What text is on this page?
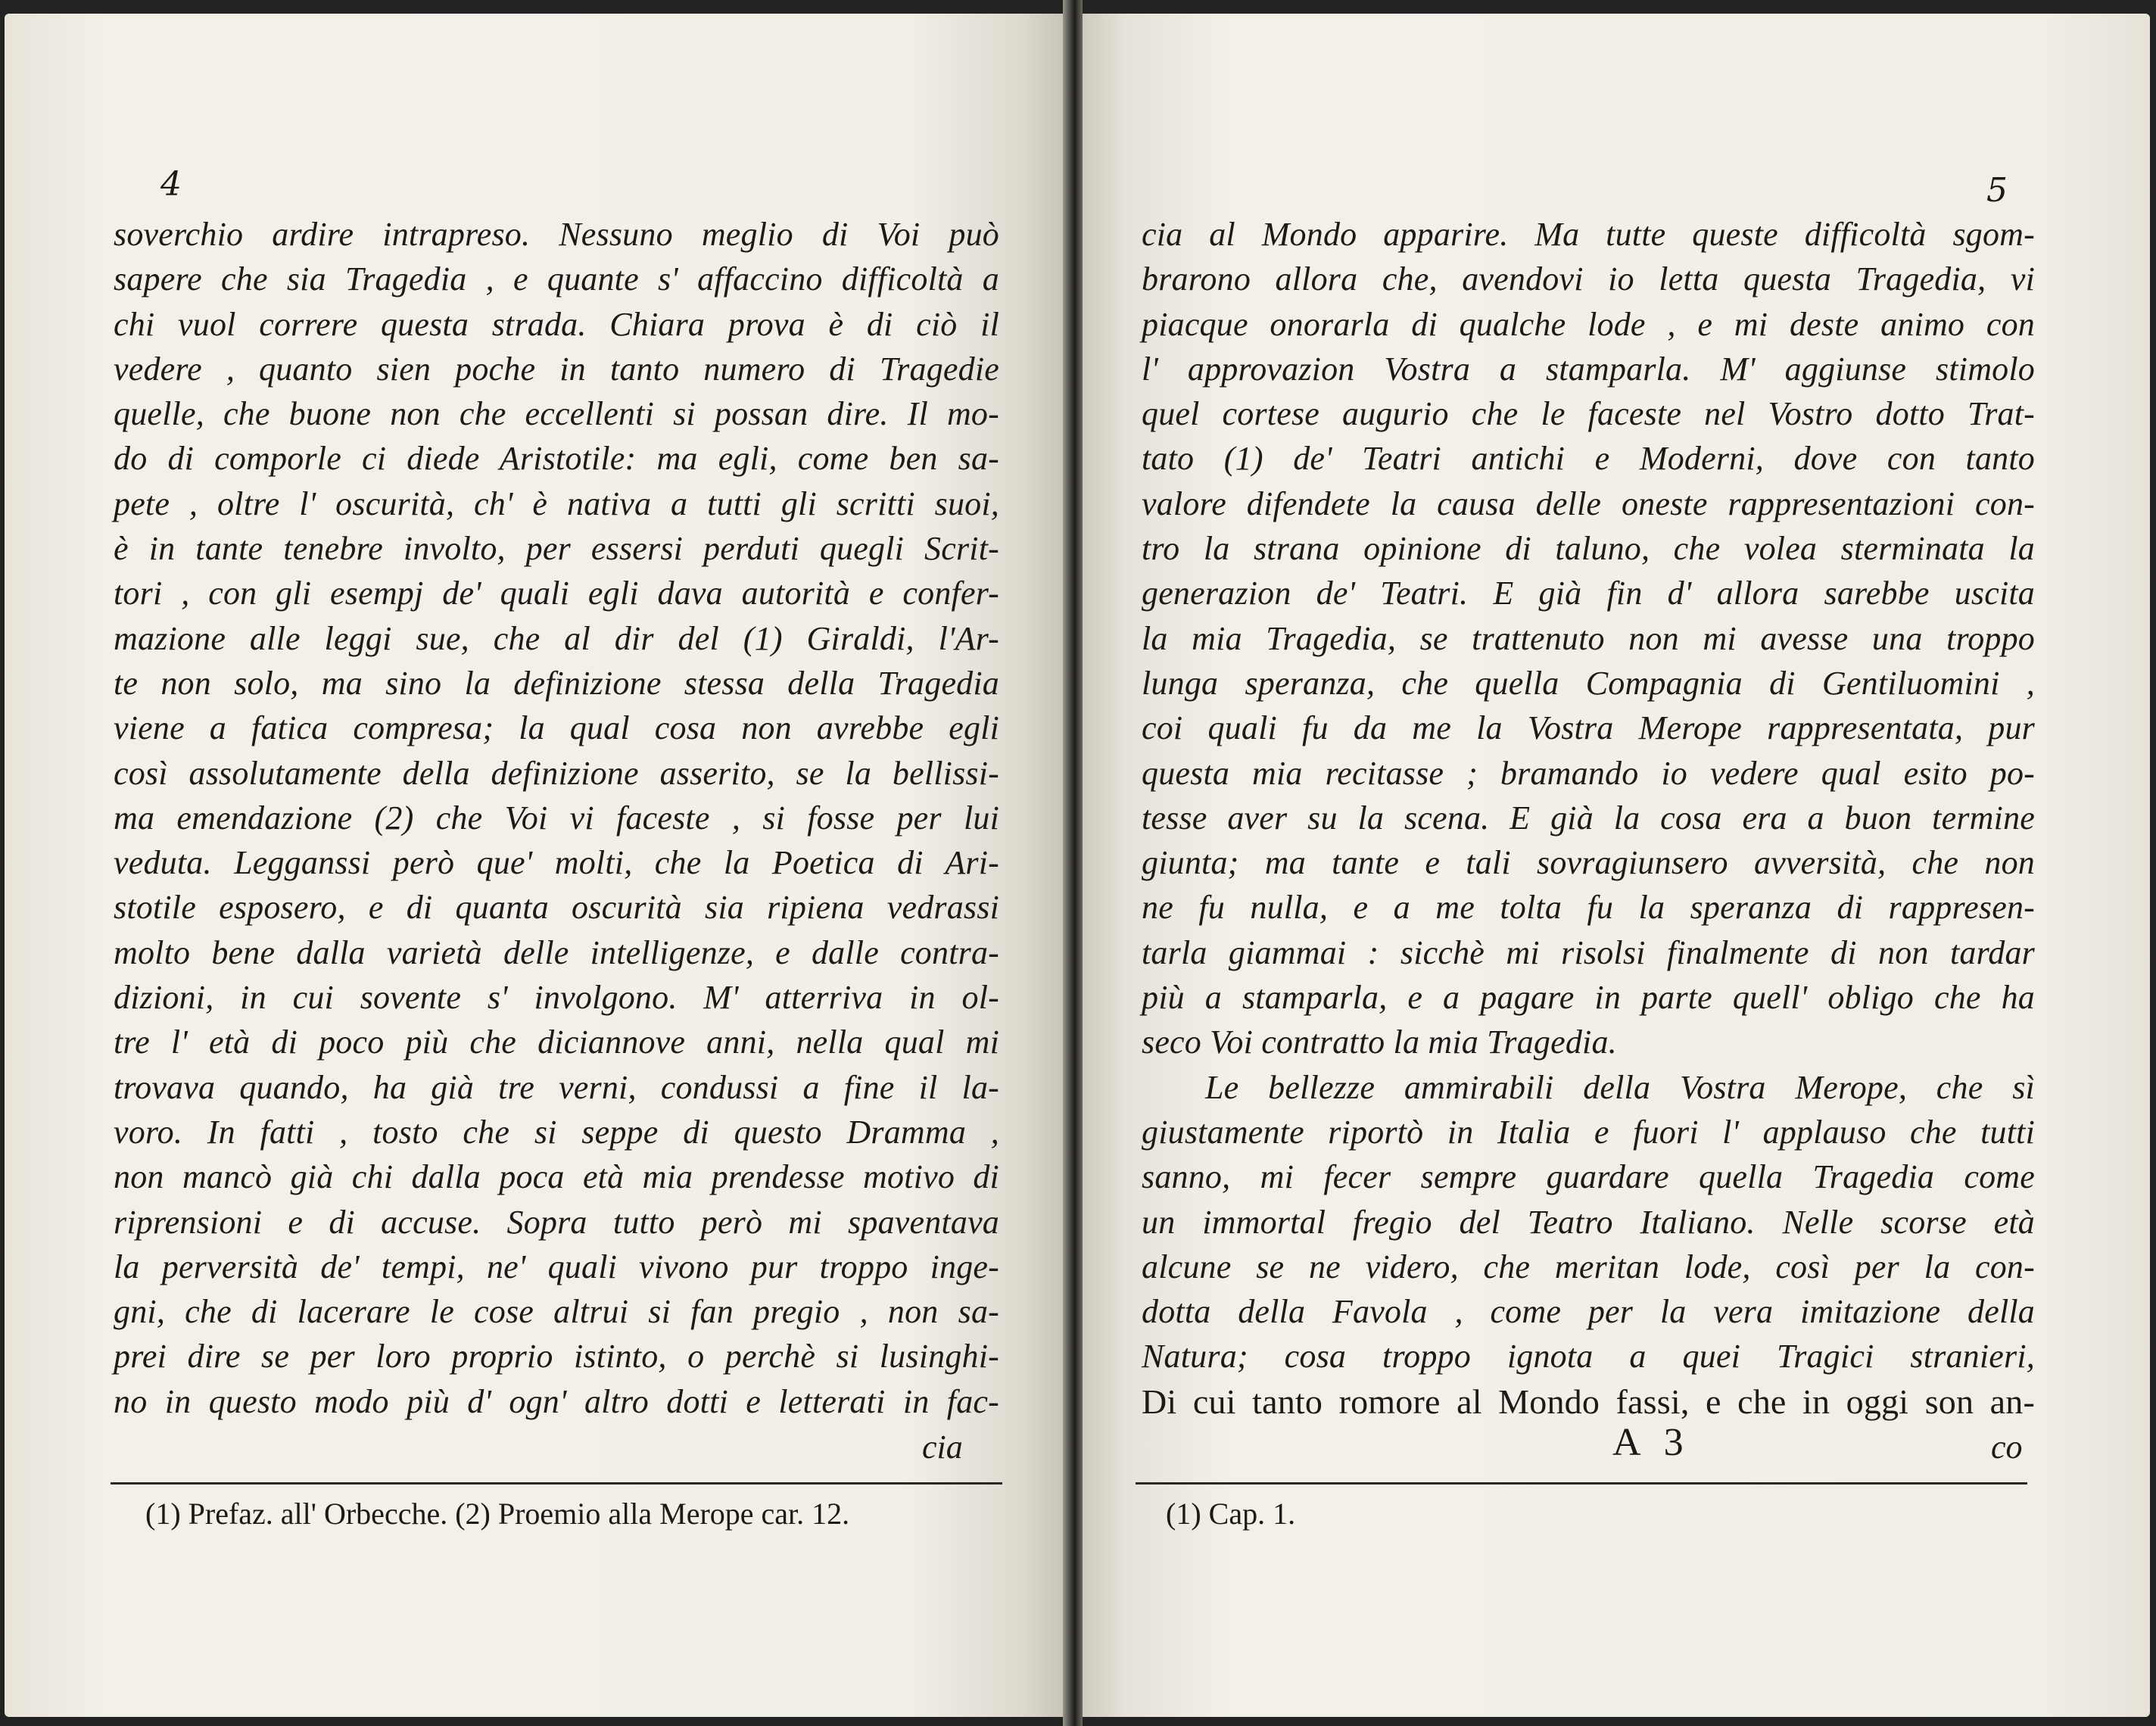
4
soverchio ardire intrapreso. Nessuno meglio di Voi può
sapere che sia Tragedia , e quante s' affaccino difficoltà a
chi vuol correre questa strada. Chiara prova è di ciò il
vedere , quanto sien poche in tanto numero di Tragedie
quelle, che buone non che eccellenti si possan dire. Il mo-
do di comporle ci diede Aristotile: ma egli, come ben sa-
pete , oltre l' oscurità, ch' è nativa a tutti gli scritti suoi,
è in tante tenebre involto, per essersi perduti quegli Scrit-
tori , con gli esempj de' quali egli dava autorità e confer-
mazione alle leggi sue, che al dir del (1) Giraldi, l'Ar-
te non solo, ma sino la definizione stessa della Tragedia
viene a fatica compresa; la qual cosa non avrebbe egli
così assolutamente della definizione asserito, se la bellissi-
ma emendazione (2) che Voi vi faceste , si fosse per lui
veduta. Legganssi però que' molti, che la Poetica di Ari-
stotile esposero, e di quanta oscurità sia ripiena vedrassi
molto bene dalla varietà delle intelligenze, e dalle contra-
dizioni, in cui sovente s' involgono. M' atterriva in ol-
tre l' età di poco più che diciannove anni, nella qual mi
trovava quando, ha già tre verni, condussi a fine il la-
voro. In fatti , tosto che si seppe di questo Dramma ,
non mancò già chi dalla poca età mia prendesse motivo di
riprensioni e di accuse. Sopra tutto però mi spaventava
la perversità de' tempi, ne' quali vivono pur troppo inge-
gni, che di lacerare le cose altrui si fan pregio , non sa-
prei dire se per loro proprio istinto, o perchè si lusinghi-
no in questo modo più d' ogn' altro dotti e letterati in fac-
cia
(1) Prefaz. all' Orbecche. (2) Proemio alla Merope car. 12.
5
cia al Mondo apparire. Ma tutte queste difficoltà sgom-
brarono allora che, avendovi io letta questa Tragedia, vi
piacque onorarla di qualche lode , e mi deste animo con
l' approvazion Vostra a stamparla. M' aggiunse stimolo
quel cortese augurio che le faceste nel Vostro dotto Trat-
tato (1) de' Teatri antichi e Moderni, dove con tanto
valore difendete la causa delle oneste rappresentazioni con-
tro la strana opinione di taluno, che volea sterminata la
generazion de' Teatri. E già fin d' allora sarebbe uscita
la mia Tragedia, se trattenuto non mi avesse una troppo
lunga speranza, che quella Compagnia di Gentiluomini ,
coi quali fu da me la Vostra Merope rappresentata, pur
questa mia recitasse ; bramando io vedere qual esito po-
tesse aver su la scena. E già la cosa era a buon termine
giunta; ma tante e tali sovragiunsero avversità, che non
ne fu nulla, e a me tolta fu la speranza di rappresen-
tarla giammai : sicchè mi risolsi finalmente di non tardar
più a stamparla, e a pagare in parte quell' obligo che ha
seco Voi contratto la mia Tragedia.
Le bellezze ammirabili della Vostra Merope, che sì
giustamente riportò in Italia e fuori l' applauso che tutti
sanno, mi fecer sempre guardare quella Tragedia come
un immortal fregio del Teatro Italiano. Nelle scorse età
alcune se ne videro, che meritan lode, così per la con-
dotta della Favola , come per la vera imitazione della
Natura; cosa troppo ignota a quei Tragici stranieri,
Di cui tanto romore al Mondo fassi, e che in oggi son an-
A 3	co
(1) Cap. 1.
